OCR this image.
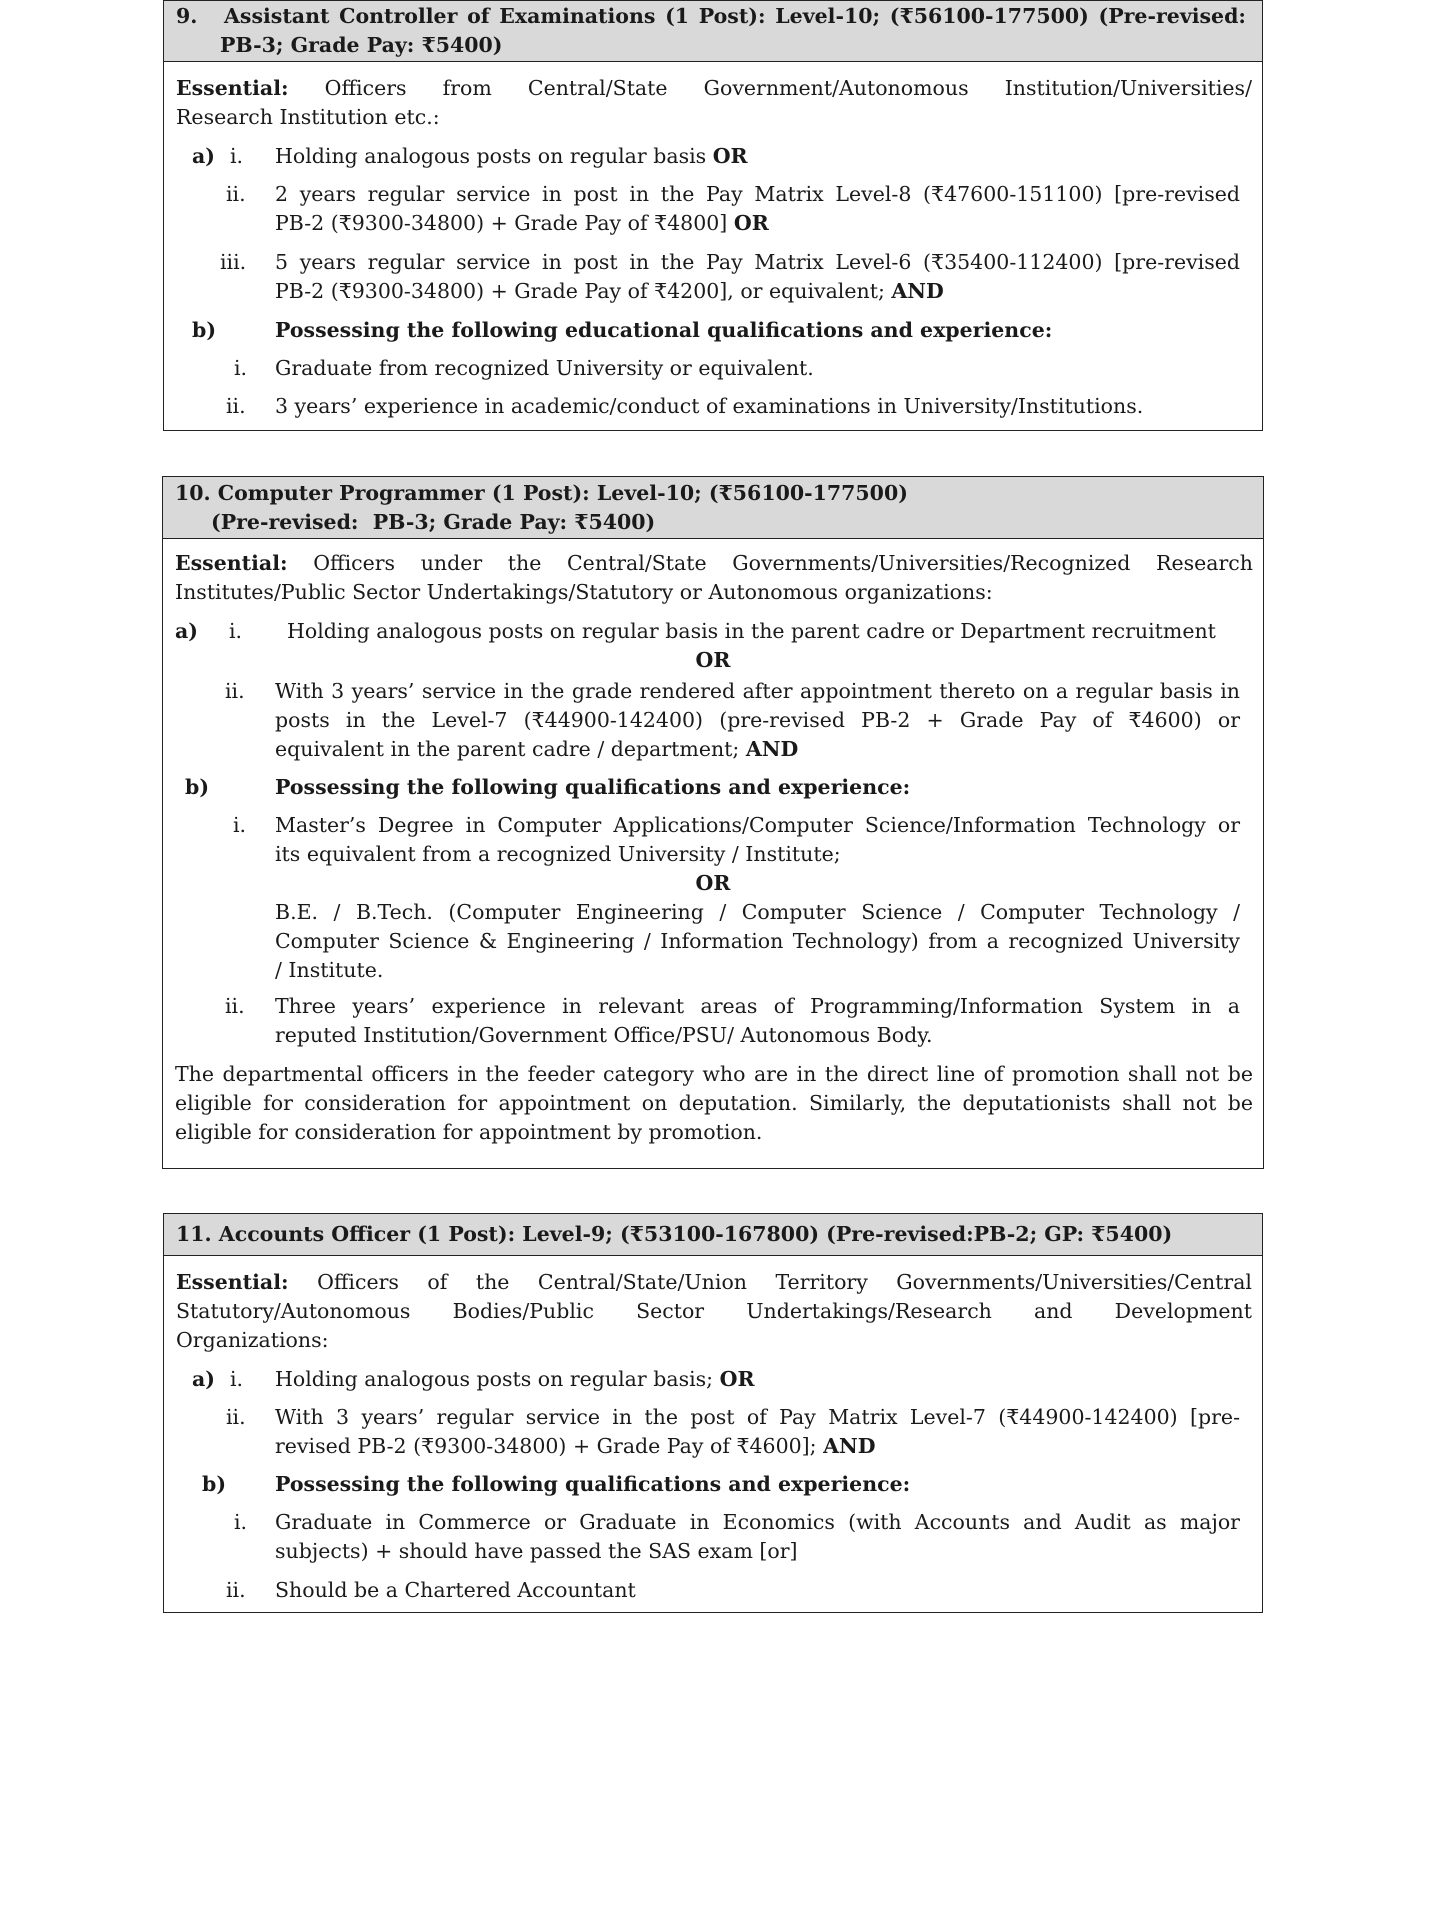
9. Assistant Controller of Examinations (1 Post): Level-10; (₹56100-177500) (Pre-revised:
PB-3; Grade Pay: ₹5400)
Essential: Officers from Central/State Government/Autonomous Institution/Universities/
Research Institution etc.:
a) i. Holding analogous posts on regular basis OR
ii. 2 years regular service in post in the Pay Matrix Level-8 (₹47600-151100) [pre-revised
PB-2 (₹9300-34800) + Grade Pay of ₹4800] OR
iii. 5 years regular service in post in the Pay Matrix Level-6 (₹35400-112400) [pre-revised
PB-2 (₹9300-34800) + Grade Pay of ₹4200], or equivalent; AND
b)	Possessing the following educational qualifications and experience:
i. Graduate from recognized University or equivalent.
ii. 3 years’ experience in academic/conduct of examinations in University/Institutions.
10. Computer Programmer (1 Post): Level-10; (₹56100-177500)
(Pre-revised:  PB-3; Grade Pay: ₹5400)
Essential: Officers under the Central/State Governments/Universities/Recognized Research
Institutes/Public Sector Undertakings/Statutory or Autonomous organizations:
a) i. Holding analogous posts on regular basis in the parent cadre or Department recruitment
OR
ii. With 3 years’ service in the grade rendered after appointment thereto on a regular basis in
posts in the Level-7 (₹44900-142400) (pre-revised PB-2 + Grade Pay of ₹4600) or
equivalent in the parent cadre / department; AND
b)	Possessing the following qualifications and experience:
i. Master’s Degree in Computer Applications/Computer Science/Information Technology or
its equivalent from a recognized University / Institute;
OR
B.E. / B.Tech. (Computer Engineering / Computer Science / Computer Technology /
Computer Science & Engineering / Information Technology) from a recognized University
/ Institute.
ii. Three years’ experience in relevant areas of Programming/Information System in a
reputed Institution/Government Office/PSU/ Autonomous Body.
The departmental officers in the feeder category who are in the direct line of promotion shall not be
eligible for consideration for appointment on deputation. Similarly, the deputationists shall not be
eligible for consideration for appointment by promotion.
11. Accounts Officer (1 Post): Level-9; (₹53100-167800) (Pre-revised:PB-2; GP: ₹5400)
Essential: Officers of the Central/State/Union Territory Governments/Universities/Central
Statutory/Autonomous Bodies/Public Sector Undertakings/Research and Development
Organizations:
a) i. Holding analogous posts on regular basis; OR
ii. With 3 years’ regular service in the post of Pay Matrix Level-7 (₹44900-142400) [pre-
revised PB-2 (₹9300-34800) + Grade Pay of ₹4600]; AND
b) Possessing the following qualifications and experience:
i. Graduate in Commerce or Graduate in Economics (with Accounts and Audit as major
subjects) + should have passed the SAS exam [or]
ii. Should be a Chartered Accountant
